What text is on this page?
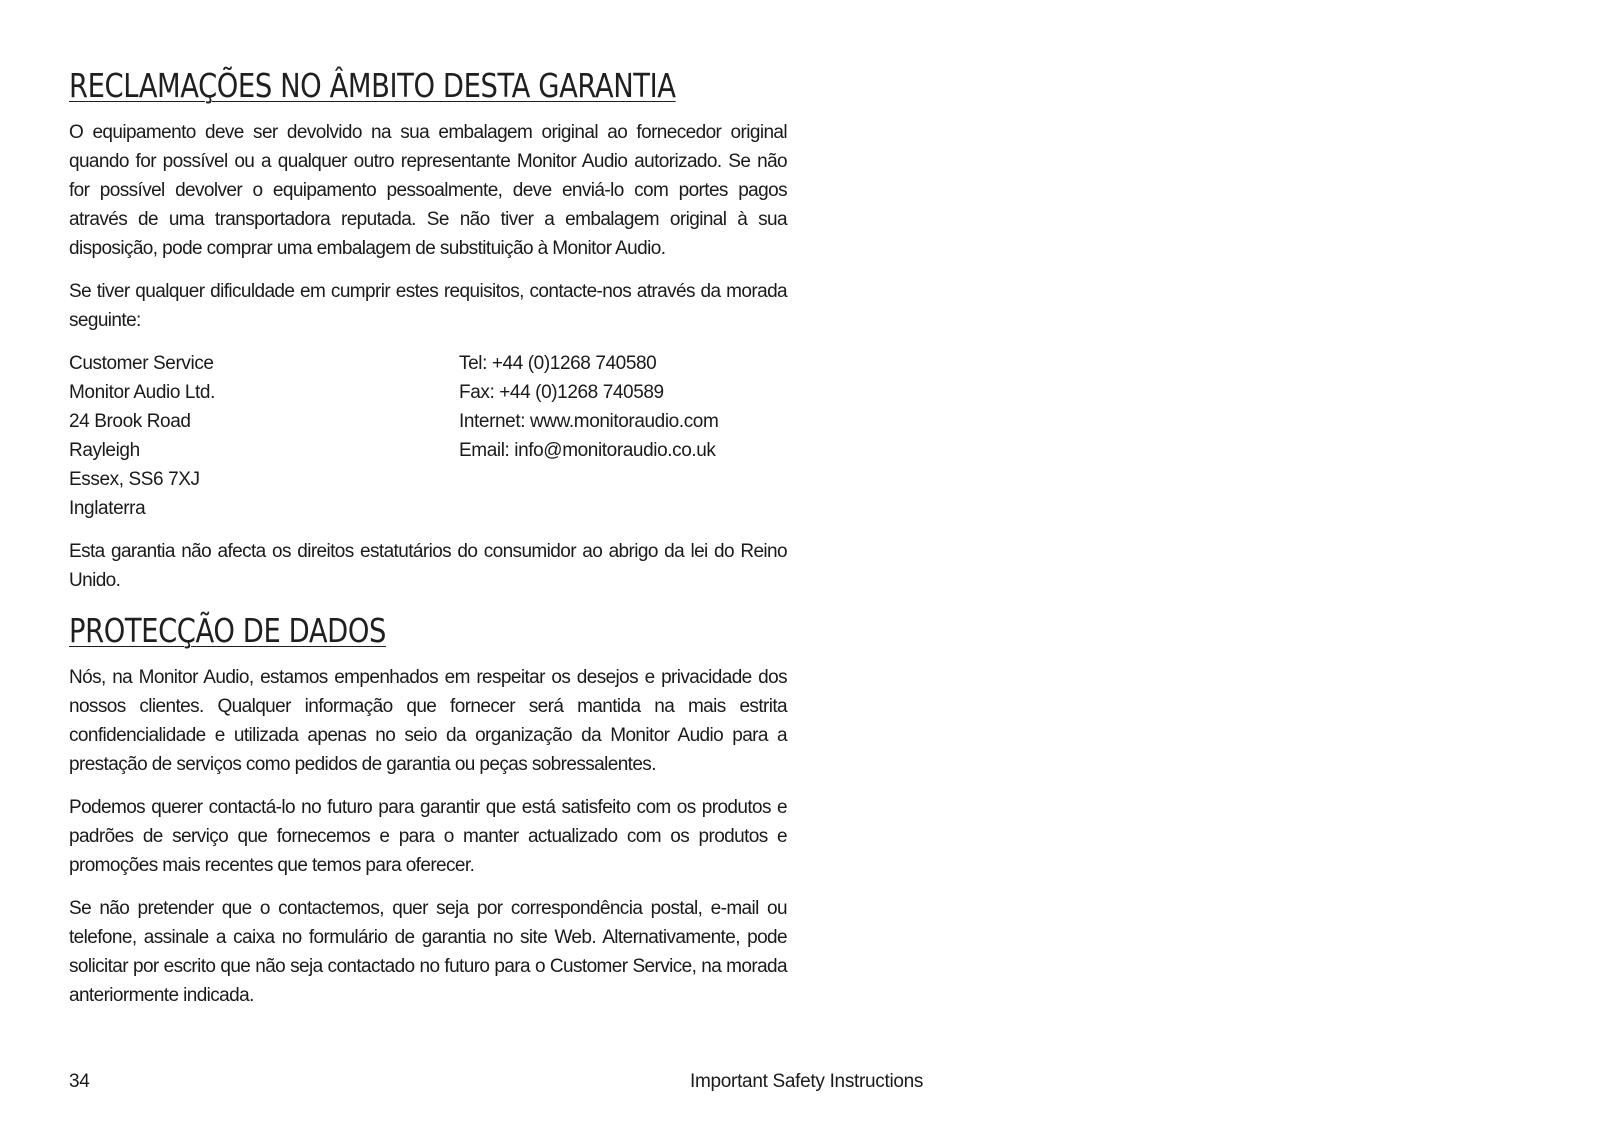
RECLAMAÇÕES NO ÂMBITO DESTA GARANTIA

O equipamento deve ser devolvido na sua embalagem original ao fornecedor original quando for possível ou a qualquer outro representante Monitor Audio autorizado. Se não for possível devolver o equipamento pessoalmente, deve enviá-lo com portes pagos através de uma transportadora reputada. Se não tiver a embalagem original à sua disposição, pode comprar uma embalagem de substituição à Monitor Audio.

Se tiver qualquer dificuldade em cumprir estes requisitos, contacte-nos através da morada seguinte:

Customer Service
Monitor Audio Ltd.
24 Brook Road
Rayleigh
Essex, SS6 7XJ
Inglaterra
Tel: +44 (0)1268 740580
Fax: +44 (0)1268 740589
Internet: www.monitoraudio.com
Email: info@monitoraudio.co.uk

Esta garantia não afecta os direitos estatutários do consumidor ao abrigo da lei do Reino Unido.

PROTECÇÃO DE DADOS

Nós, na Monitor Audio, estamos empenhados em respeitar os desejos e privacidade dos nossos clientes. Qualquer informação que fornecer será mantida na mais estrita confidencialidade e utilizada apenas no seio da organização da Monitor Audio para a prestação de serviços como pedidos de garantia ou peças sobressalentes.

Podemos querer contactá-lo no futuro para garantir que está satisfeito com os produtos e padrões de serviço que fornecemos e para o manter actualizado com os produtos e promoções mais recentes que temos para oferecer.

Se não pretender que o contactemos, quer seja por correspondência postal, e-mail ou telefone, assinale a caixa no formulário de garantia no site Web. Alternativamente, pode solicitar por escrito que não seja contactado no futuro para o Customer Service, na morada anteriormente indicada.

34	Important Safety Instructions
